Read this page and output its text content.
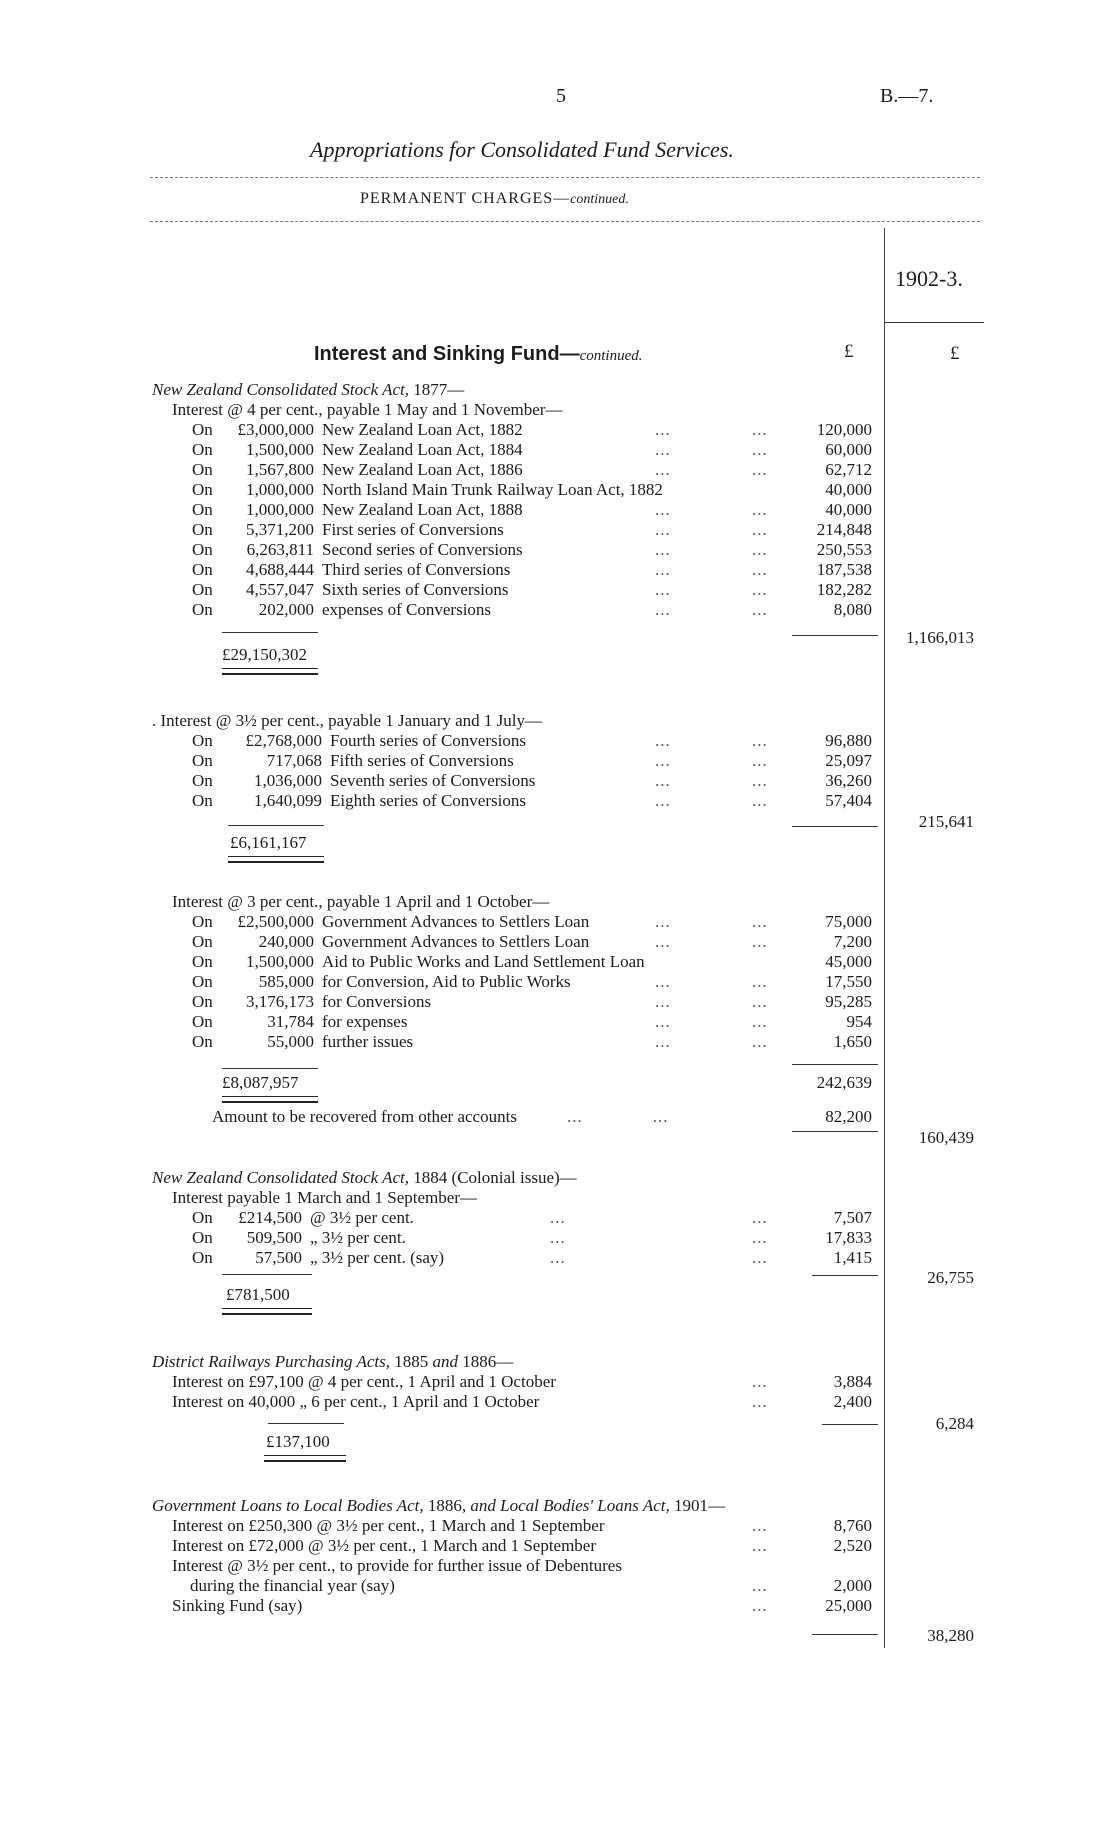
5	B.—7.
Appropriations for Consolidated Fund Services.
PERMANENT CHARGES—continued.
1902-3.
£	£
Interest and Sinking Fund—continued.
New Zealand Consolidated Stock Act, 1877—
Interest @ 4 per cent., payable 1 May and 1 November—
On	£3,000,000 New Zealand Loan Act, 1882	...	...	120,000
On	1,500,000 New Zealand Loan Act, 1884	...	...	60,000
On	1,567,800 New Zealand Loan Act, 1886	...	...	62,712
On	1,000,000 North Island Main Trunk Railway Loan Act, 1882	40,000
On	1,000,000 New Zealand Loan Act, 1888	...	...	40,000
On	5,371,200 First series of Conversions	...	...	214,848
On	6,263,811 Second series of Conversions	...	...	250,553
On	4,688,444 Third series of Conversions	...	...	187,538
On	4,557,047 Sixth series of Conversions	...	...	182,282
On	202,000 expenses of Conversions	...	...	8,080
£29,150,302
1,166,013
. Interest @ 3½ per cent., payable 1 January and 1 July—
On	£2,768,000 Fourth series of Conversions	...	...	96,880
On	717,068 Fifth series of Conversions	...	...	25,097
On	1,036,000 Seventh series of Conversions	...	...	36,260
On	1,640,099 Eighth series of Conversions	...	...	57,404
£6,161,167
215,641
Interest @ 3 per cent., payable 1 April and 1 October—
On	£2,500,000 Government Advances to Settlers Loan	...	...	75,000
On	240,000 Government Advances to Settlers Loan	...	...	7,200
On	1,500,000 Aid to Public Works and Land Settlement Loan	45,000
On	585,000 for Conversion, Aid to Public Works	...	...	17,550
On	3,176,173 for Conversions	...	...	95,285
On	31,784 for expenses	...	...	954
On	55,000 further issues	...	...	1,650
£8,087,957	242,639
Amount to be recovered from other accounts	...	...	82,200
160,439
New Zealand Consolidated Stock Act, 1884 (Colonial issue)—
Interest payable 1 March and 1 September—
On	£214,500 @ 3½ per cent.	...	...	7,507
On	509,500 „ 3½ per cent.	...	...	17,833
On	57,500 „ 3½ per cent. (say)	...	...	1,415
£781,500
26,755
District Railways Purchasing Acts, 1885 and 1886—
Interest on £97,100 @ 4 per cent., 1 April and 1 October	...	3,884
Interest on 40,000 „ 6 per cent., 1 April and 1 October	...	2,400
£137,100
6,284
Government Loans to Local Bodies Act, 1886, and Local Bodies' Loans Act, 1901—
Interest on £250,300 @ 3½ per cent., 1 March and 1 September	...	8,760
Interest on £72,000 @ 3½ per cent., 1 March and 1 September	...	2,520
Interest @ 3½ per cent., to provide for further issue of Debentures
during the financial year (say)	...	2,000
Sinking Fund (say)	...	25,000
38,280
